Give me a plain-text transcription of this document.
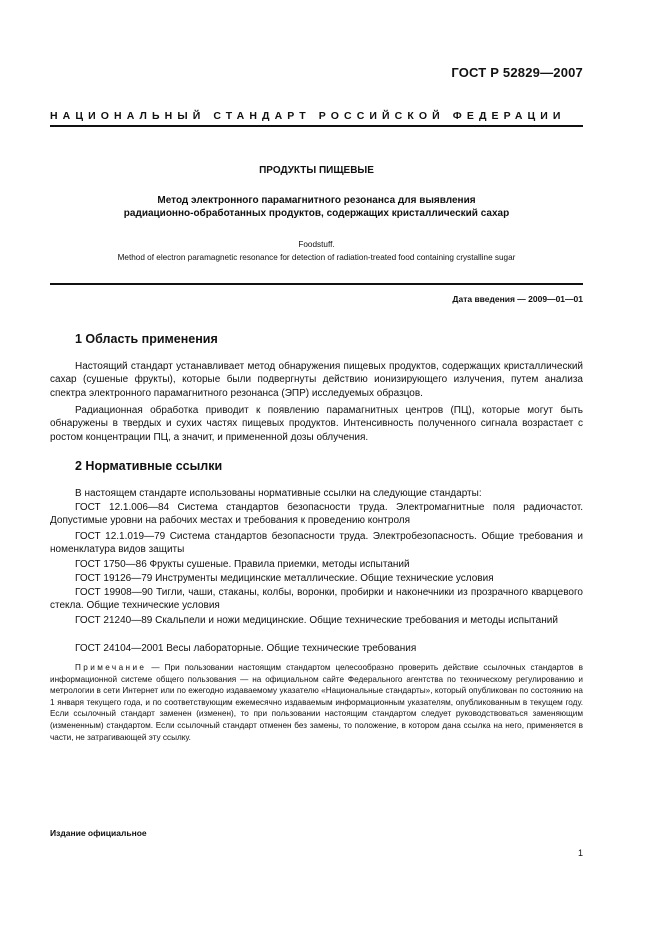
ГОСТ Р 52829—2007
НАЦИОНАЛЬНЫЙ СТАНДАРТ РОССИЙСКОЙ ФЕДЕРАЦИИ
ПРОДУКТЫ ПИЩЕВЫЕ
Метод электронного парамагнитного резонанса для выявления
радиационно-обработанных продуктов, содержащих кристаллический сахар
Foodstuff.
Method of electron paramagnetic resonance for detection of radiation-treated food containing crystalline sugar
Дата введения — 2009—01—01
1 Область применения
Настоящий стандарт устанавливает метод обнаружения пищевых продуктов, содержащих кристаллический сахар (сушеные фрукты), которые были подвергнуты действию ионизирующего излучения, путем анализа спектра электронного парамагнитного резонанса (ЭПР) исследуемых образцов.
Радиационная обработка приводит к появлению парамагнитных центров (ПЦ), которые могут быть обнаружены в твердых и сухих частях пищевых продуктов. Интенсивность полученного сигнала возрастает с ростом концентрации ПЦ, а значит, и примененной дозы облучения.
2 Нормативные ссылки
В настоящем стандарте использованы нормативные ссылки на следующие стандарты:
ГОСТ 12.1.006—84 Система стандартов безопасности труда. Электромагнитные поля радиочастот. Допустимые уровни на рабочих местах и требования к проведению контроля
ГОСТ 12.1.019—79 Система стандартов безопасности труда. Электробезопасность. Общие требования и номенклатура видов защиты
ГОСТ 1750—86 Фрукты сушеные. Правила приемки, методы испытаний
ГОСТ 19126—79 Инструменты медицинские металлические. Общие технические условия
ГОСТ 19908—90 Тигли, чаши, стаканы, колбы, воронки, пробирки и наконечники из прозрачного кварцевого стекла. Общие технические условия
ГОСТ 21240—89 Скальпели и ножи медицинские. Общие технические требования и методы испытаний
ГОСТ 24104—2001 Весы лабораторные. Общие технические требования
Примечание — При пользовании настоящим стандартом целесообразно проверить действие ссылочных стандартов в информационной системе общего пользования — на официальном сайте Федерального агентства по техническому регулированию и метрологии в сети Интернет или по ежегодно издаваемому указателю «Национальные стандарты», который опубликован по состоянию на 1 января текущего года, и по соответствующим ежемесячно издаваемым информационным указателям, опубликованным в текущем году. Если ссылочный стандарт заменен (изменен), то при пользовании настоящим стандартом следует руководствоваться заменяющим (измененным) стандартом. Если ссылочный стандарт отменен без замены, то положение, в котором дана ссылка на него, применяется в части, не затрагивающей эту ссылку.
Издание официальное
1
